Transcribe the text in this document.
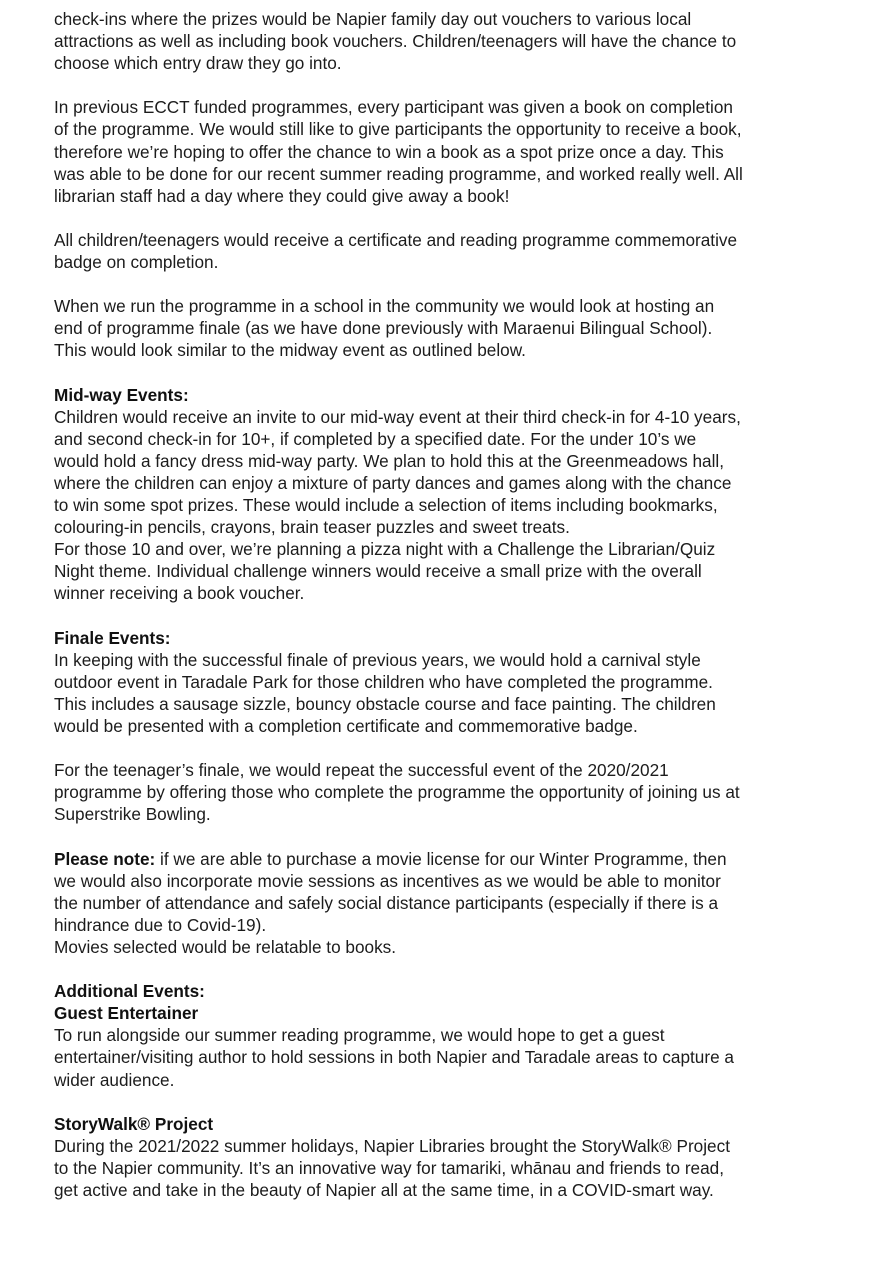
check-ins where the prizes would be Napier family day out vouchers to various local
attractions as well as including book vouchers. Children/teenagers will have the chance to
choose which entry draw they go into.
In previous ECCT funded programmes, every participant was given a book on completion
of the programme. We would still like to give participants the opportunity to receive a book,
therefore we’re hoping to offer the chance to win a book as a spot prize once a day. This
was able to be done for our recent summer reading programme, and worked really well. All
librarian staff had a day where they could give away a book!
All children/teenagers would receive a certificate and reading programme commemorative
badge on completion.
When we run the programme in a school in the community we would look at hosting an
end of programme finale (as we have done previously with Maraenui Bilingual School).
This would look similar to the midway event as outlined below.
Mid-way Events:
Children would receive an invite to our mid-way event at their third check-in for 4-10 years,
and second check-in for 10+, if completed by a specified date. For the under 10’s we
would hold a fancy dress mid-way party. We plan to hold this at the Greenmeadows hall,
where the children can enjoy a mixture of party dances and games along with the chance
to win some spot prizes. These would include a selection of items including bookmarks,
colouring-in pencils, crayons, brain teaser puzzles and sweet treats.
For those 10 and over, we’re planning a pizza night with a Challenge the Librarian/Quiz
Night theme. Individual challenge winners would receive a small prize with the overall
winner receiving a book voucher.
Finale Events:
In keeping with the successful finale of previous years, we would hold a carnival style
outdoor event in Taradale Park for those children who have completed the programme.
This includes a sausage sizzle, bouncy obstacle course and face painting. The children
would be presented with a completion certificate and commemorative badge.
For the teenager’s finale, we would repeat the successful event of the 2020/2021
programme by offering those who complete the programme the opportunity of joining us at
Superstrike Bowling.
Please note: if we are able to purchase a movie license for our Winter Programme, then
we would also incorporate movie sessions as incentives as we would be able to monitor
the number of attendance and safely social distance participants (especially if there is a
hindrance due to Covid-19).
Movies selected would be relatable to books.
Additional Events:
Guest Entertainer
To run alongside our summer reading programme, we would hope to get a guest
entertainer/visiting author to hold sessions in both Napier and Taradale areas to capture a
wider audience.
StoryWalk® Project
During the 2021/2022 summer holidays, Napier Libraries brought the StoryWalk® Project
to the Napier community. It’s an innovative way for tamariki, whānau and friends to read,
get active and take in the beauty of Napier all at the same time, in a COVID-smart way.
